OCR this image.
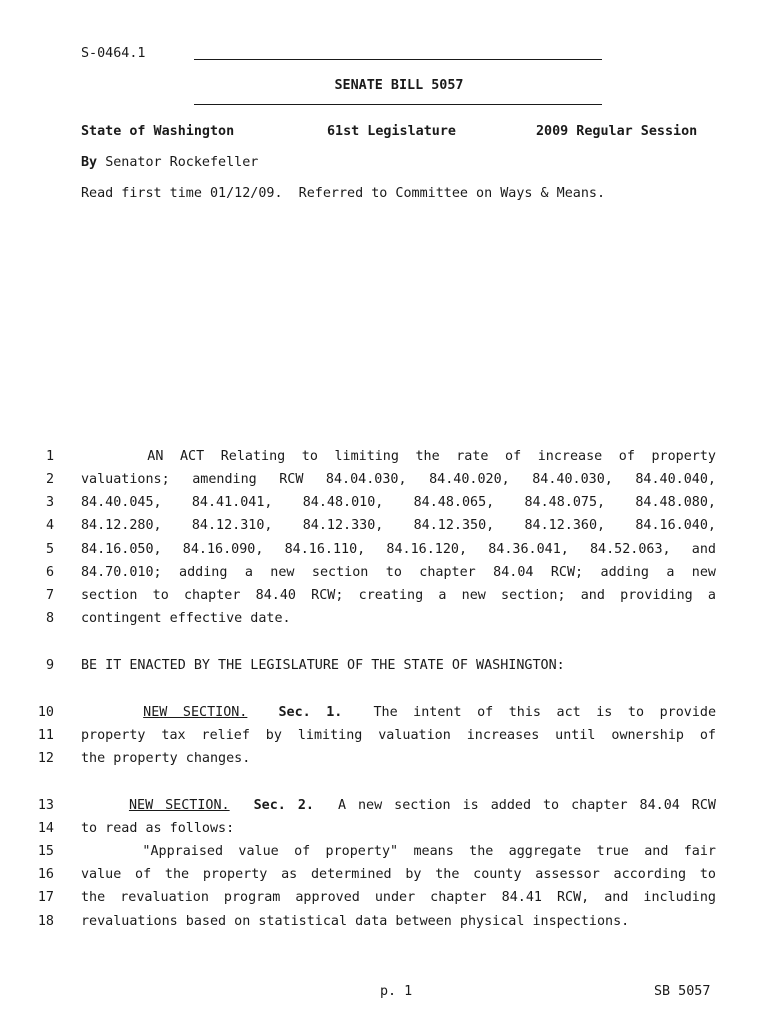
S-0464.1
SENATE BILL 5057
State of Washington	61st Legislature	2009 Regular Session
By Senator Rockefeller
Read first time 01/12/09.  Referred to Committee on Ways & Means.
1 AN ACT Relating to limiting the rate of increase of property
2 valuations; amending RCW 84.04.030, 84.40.020, 84.40.030, 84.40.040,
3 84.40.045, 84.41.041, 84.48.010, 84.48.065, 84.48.075, 84.48.080,
4 84.12.280, 84.12.310, 84.12.330, 84.12.350, 84.12.360, 84.16.040,
5 84.16.050, 84.16.090, 84.16.110, 84.16.120, 84.36.041, 84.52.063, and
6 84.70.010; adding a new section to chapter 84.04 RCW; adding a new
7 section to chapter 84.40 RCW; creating a new section; and providing a
8 contingent effective date.
9 BE IT ENACTED BY THE LEGISLATURE OF THE STATE OF WASHINGTON:
10	NEW SECTION. Sec. 1.  The intent of this act is to provide
11 property tax relief by limiting valuation increases until ownership of
12 the property changes.
13	NEW SECTION. Sec. 2.  A new section is added to chapter 84.04 RCW
14 to read as follows:
15 "Appraised value of property" means the aggregate true and fair
16 value of the property as determined by the county assessor according to
17 the revaluation program approved under chapter 84.41 RCW, and including
18 revaluations based on statistical data between physical inspections.
p. 1	SB 5057
